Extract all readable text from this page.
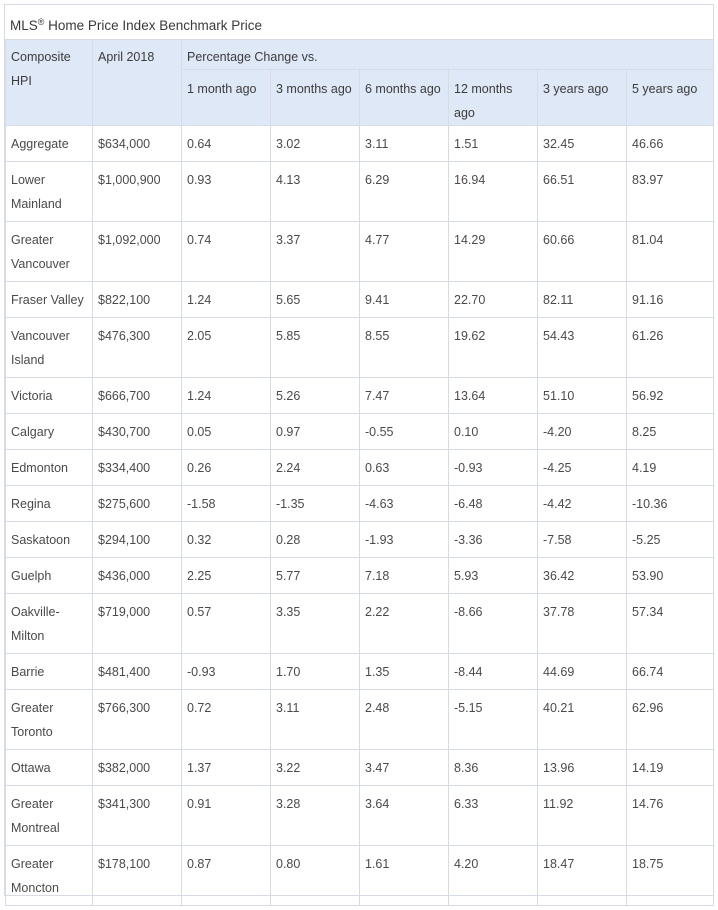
MLS® Home Price Index Benchmark Price
Composite HPI	April 2018	Percentage Change vs.					
		1 month ago	3 months ago	6 months ago	12 months ago	3 years ago	5 years ago
Aggregate	$634,000	0.64	3.02	3.11	1.51	32.45	46.66
Lower Mainland	$1,000,900	0.93	4.13	6.29	16.94	66.51	83.97
Greater Vancouver	$1,092,000	0.74	3.37	4.77	14.29	60.66	81.04
Fraser Valley	$822,100	1.24	5.65	9.41	22.70	82.11	91.16
Vancouver Island	$476,300	2.05	5.85	8.55	19.62	54.43	61.26
Victoria	$666,700	1.24	5.26	7.47	13.64	51.10	56.92
Calgary	$430,700	0.05	0.97	-0.55	0.10	-4.20	8.25
Edmonton	$334,400	0.26	2.24	0.63	-0.93	-4.25	4.19
Regina	$275,600	-1.58	-1.35	-4.63	-6.48	-4.42	-10.36
Saskatoon	$294,100	0.32	0.28	-1.93	-3.36	-7.58	-5.25
Guelph	$436,000	2.25	5.77	7.18	5.93	36.42	53.90
Oakville-Milton	$719,000	0.57	3.35	2.22	-8.66	37.78	57.34
Barrie	$481,400	-0.93	1.70	1.35	-8.44	44.69	66.74
Greater Toronto	$766,300	0.72	3.11	2.48	-5.15	40.21	62.96
Ottawa	$382,000	1.37	3.22	3.47	8.36	13.96	14.19
Greater Montreal	$341,300	0.91	3.28	3.64	6.33	11.92	14.76
Greater Moncton	$178,100	0.87	0.80	1.61	4.20	18.47	18.75
